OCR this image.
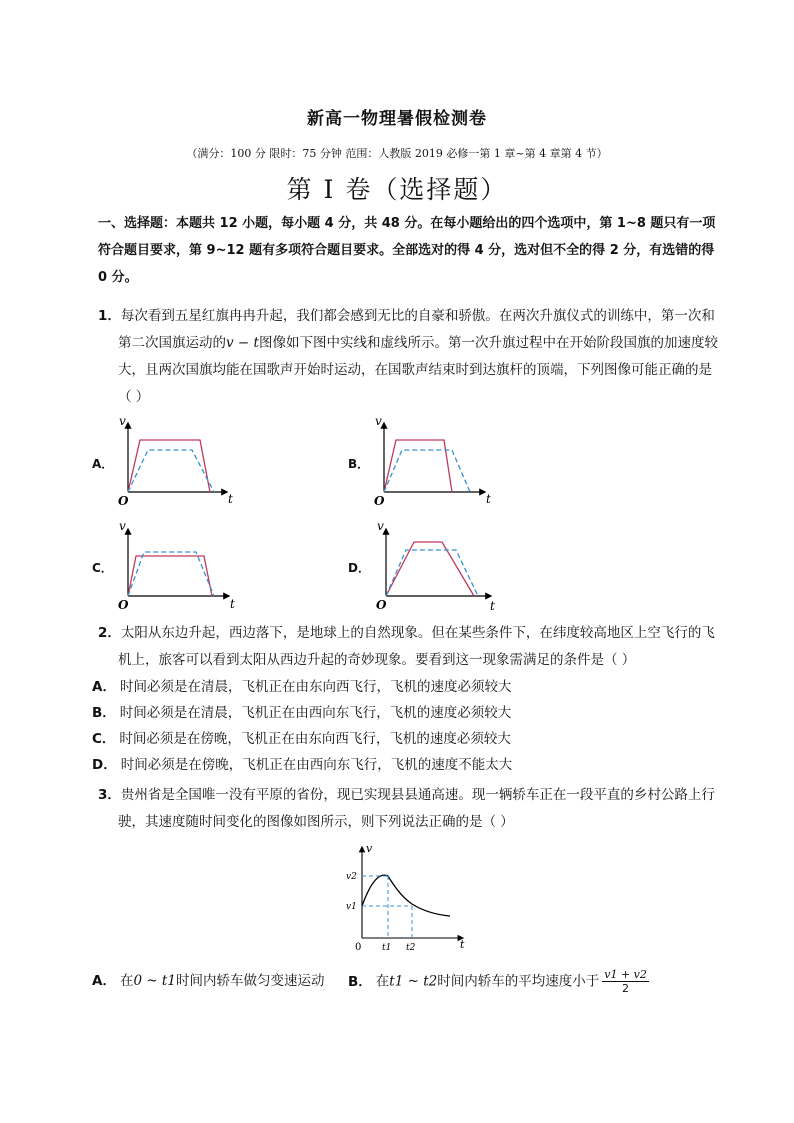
新高一物理暑假检测卷
（满分：100 分 限时：75 分钟 范围：人教版 2019 必修一第 1 章~第 4 章第 4 节）
第 I 卷（选择题）
一、选择题：本题共 12 小题，每小题 4 分，共 48 分。在每小题给出的四个选项中，第 1~8 题只有一项
符合题目要求，第 9~12 题有多项符合题目要求。全部选对的得 4 分，选对但不全的得 2 分，有选错的得
0 分。
1．每次看到五星红旗冉冉升起，我们都会感到无比的自豪和骄傲。在两次升旗仪式的训练中，第一次和
第二次国旗运动的v − t图像如下图中实线和虚线所示。第一次升旗过程中在开始阶段国旗的加速度较
大，且两次国旗均能在国歌声开始时运动，在国歌声结束时到达旗杆的顶端，下列图像可能正确的是
（ ）
A．	B．
C．	D．
v
t
O
v
t
O
v
t
O
v
t
O
v
t
0
v2
v1
t1 t2
2．太阳从东边升起，西边落下，是地球上的自然现象。但在某些条件下，在纬度较高地区上空飞行的飞
机上，旅客可以看到太阳从西边升起的奇妙现象。要看到这一现象需满足的条件是（ ）
A． 时间必须是在清晨，飞机正在由东向西飞行，飞机的速度必须较大
B． 时间必须是在清晨，飞机正在由西向东飞行，飞机的速度必须较大
C． 时间必须是在傍晚，飞机正在由东向西飞行，飞机的速度必须较大
D． 时间必须是在傍晚，飞机正在由西向东飞行，飞机的速度不能太大
3．贵州省是全国唯一没有平原的省份，现已实现县县通高速。现一辆轿车正在一段平直的乡村公路上行
驶，其速度随时间变化的图像如图所示，则下列说法正确的是（ ）
A． 在0 ~ t1时间内轿车做匀变速运动 B． 在t1 ~ t2时间内轿车的平均速度小于 $\frac{v1 + v2}{2}$
